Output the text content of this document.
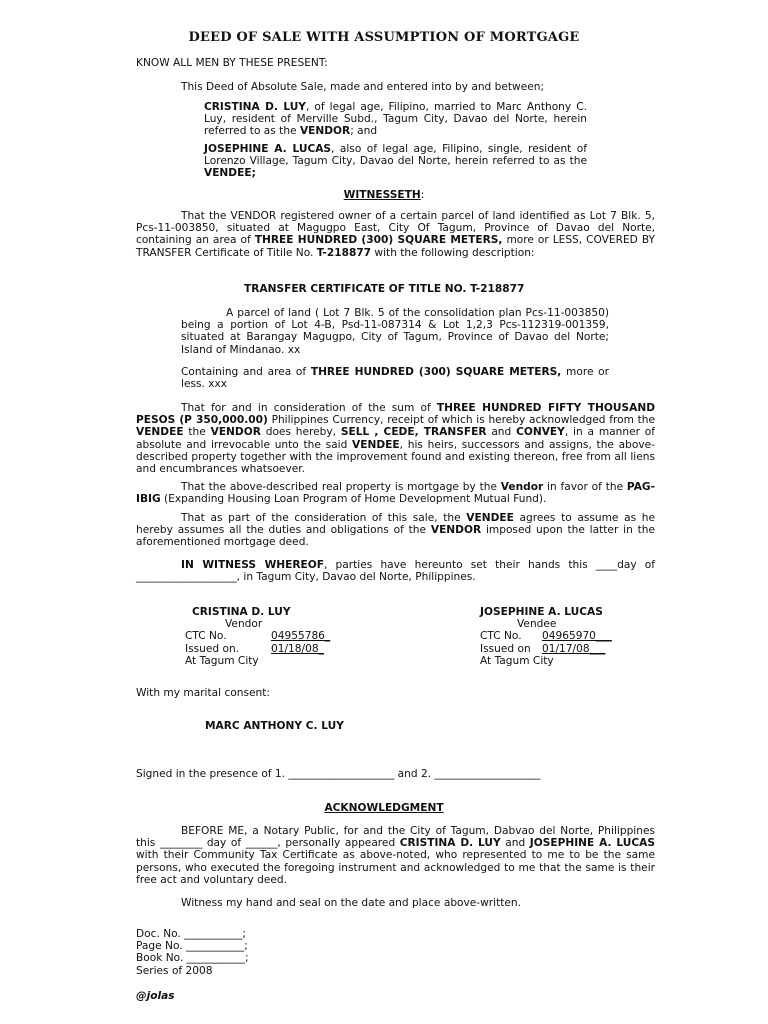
DEED OF SALE WITH ASSUMPTION OF MORTGAGE
KNOW ALL MEN BY THESE PRESENT:
This Deed of Absolute Sale, made and entered into by and between;

CRISTINA D. LUY, of legal age, Filipino, married to Marc Anthony C. Luy, resident of Merville Subd., Tagum City, Davao del Norte, herein referred to as the VENDOR; and

JOSEPHINE A. LUCAS, also of legal age, Filipino, single, resident of Lorenzo Village, Tagum City, Davao del Norte, herein referred to as the VENDEE;

WITNESSETH:

That the VENDOR registered owner of a certain parcel of land identified as Lot 7 Blk. 5, Pcs-11-003850, situated at Magugpo East, City Of Tagum, Province of Davao del Norte, containing an area of THREE HUNDRED (300) SQUARE METERS, more or LESS, COVERED BY TRANSFER Certificate of Titile No. T-218877 with the following description:

TRANSFER CERTIFICATE OF TITLE NO. T-218877
A parcel of land ( Lot 7 Blk. 5 of the consolidation plan Pcs-11-003850) being a portion of Lot 4-B, Psd-11-087314 & Lot 1,2,3 Pcs-112319-001359, situated at Barangay Magugpo, City of Tagum, Province of Davao del Norte; Island of Mindanao. xx

Containing and area of THREE HUNDRED (300) SQUARE METERS, more or less. xxx

That for and in consideration of the sum of THREE HUNDRED FIFTY THOUSAND PESOS (P 350,000.00) Philippines Currency, receipt of which is hereby acknowledged from the VENDEE the VENDOR does hereby, SELL , CEDE, TRANSFER and CONVEY, in a manner of absolute and irrevocable unto the said VENDEE, his heirs, successors and assigns, the above-described property together with the improvement found and existing thereon, free from all liens and encumbrances whatsoever.

That the above-described real property is mortgage by the Vendor in favor of the PAG-IBIG (Expanding Housing Loan Program of Home Development Mutual Fund).

That as part of the consideration of this sale, the VENDEE agrees to assume as he hereby assumes all the duties and obligations of the VENDOR imposed upon the latter in the aforementioned mortgage deed.

IN WITNESS WHEREOF, parties have hereunto set their hands this ____day of ___________________, in Tagum City, Davao del Norte, Philippines.

CRISTINA D. LUY
Vendor
CTC No.	04955786_
Issued on.	01/18/08_
At Tagum City
JOSEPHINE A. LUCAS
Vendee
CTC No. 04965970___
Issued on 01/17/08___
At Tagum City
With my marital consent:
MARC ANTHONY C. LUY
Signed in the presence of 1. ____________________ and 2. ____________________
ACKNOWLEDGMENT

BEFORE ME, a Notary Public, for and the City of Tagum, Dabvao del Norte, Philippines this ________ day of ______, personally appeared CRISTINA D. LUY and JOSEPHINE A. LUCAS with their Community Tax Certificate as above-noted, who represented to me to be the same persons, who executed the foregoing instrument and acknowledged to me that the same is their free act and voluntary deed.

Witness my hand and seal on the date and place above-written.
Doc. No. ___________;
Page No. ___________;
Book No. ___________;
Series of 2008
@jolas
